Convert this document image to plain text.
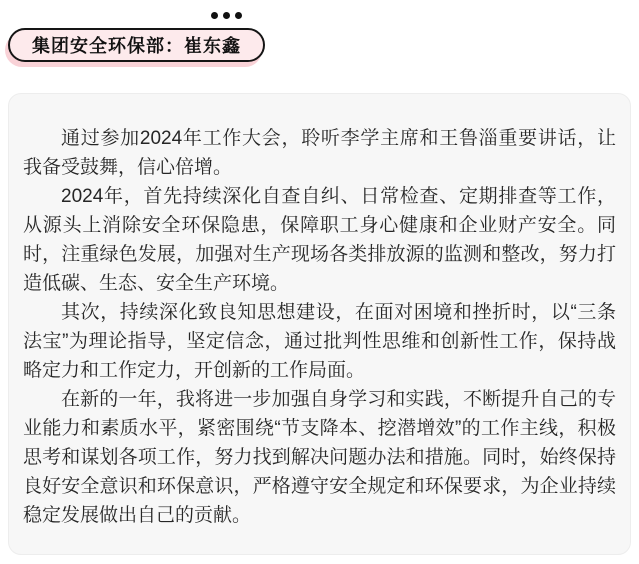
集团安全环保部：崔东鑫

通过参加2024年工作大会，聆听李学主席和王鲁淄重要讲话，让我备受鼓舞，信心倍增。

2024年，首先持续深化自查自纠、日常检查、定期排查等工作，从源头上消除安全环保隐患，保障职工身心健康和企业财产安全。同时，注重绿色发展，加强对生产现场各类排放源的监测和整改，努力打造低碳、生态、安全生产环境。

其次，持续深化致良知思想建设，在面对困境和挫折时，以“三条法宝”为理论指导，坚定信念，通过批判性思维和创新性工作，保持战略定力和工作定力，开创新的工作局面。

在新的一年，我将进一步加强自身学习和实践，不断提升自己的专业能力和素质水平，紧密围绕“节支降本、挖潜增效”的工作主线，积极思考和谋划各项工作，努力找到解决问题办法和措施。同时，始终保持良好安全意识和环保意识，严格遵守安全规定和环保要求，为企业持续稳定发展做出自己的贡献。
